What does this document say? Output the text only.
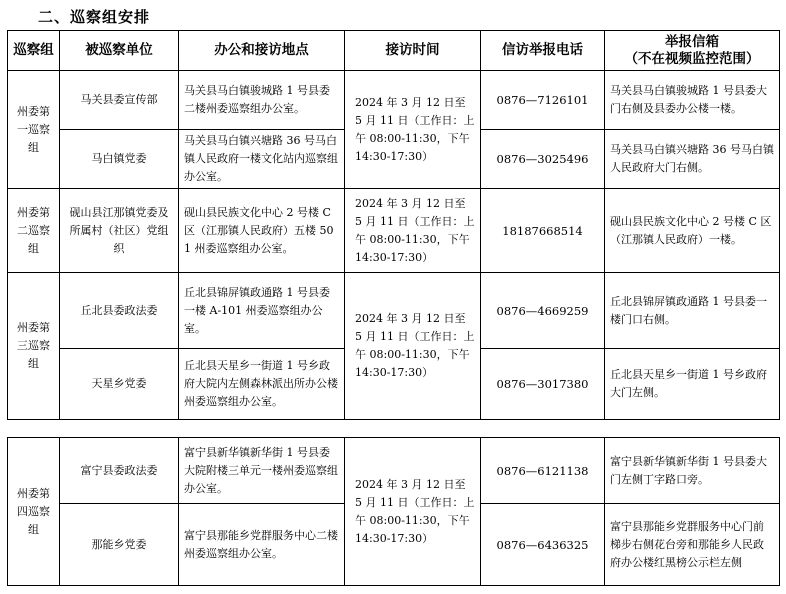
二、巡察组安排
巡察组	被巡察单位	办公和接访地点	接访时间	信访举报电话	举报信箱
（不在视频监控范围）
州委第一巡察组	马关县委宣传部	马关县马白镇骏城路 1 号县委二楼州委巡察组办公室。	2024 年 3 月 12 日至 5 月 11 日（工作日：上午 08:00-11:30，下午 14:30-17:30）	0876—7126101	马关县马白镇骏城路 1 号县委大门右侧及县委办公楼一楼。
	马白镇党委	马关县马白镇兴塘路 36 号马白镇人民政府一楼文化站内巡察组办公室。		0876—3025496	马关县马白镇兴塘路 36 号马白镇人民政府大门右侧。
州委第二巡察组	砚山县江那镇党委及所属村（社区）党组织	砚山县民族文化中心 2 号楼 C 区（江那镇人民政府）五楼 501 州委巡察组办公室。	2024 年 3 月 12 日至 5 月 11 日（工作日：上午 08:00-11:30，下午 14:30-17:30）	18187668514	砚山县民族文化中心 2 号楼 C 区（江那镇人民政府）一楼。
州委第三巡察组	丘北县委政法委	丘北县锦屏镇政通路 1 号县委一楼 A-101 州委巡察组办公室。	2024 年 3 月 12 日至 5 月 11 日（工作日：上午 08:00-11:30，下午 14:30-17:30）	0876—4669259	丘北县锦屏镇政通路 1 号县委一楼门口右侧。
	天星乡党委	丘北县天星乡一街道 1 号乡政府大院内左侧森林派出所办公楼州委巡察组办公室。		0876—3017380	丘北县天星乡一街道 1 号乡政府大门左侧。
州委第四巡察组	富宁县委政法委	富宁县新华镇新华街 1 号县委大院附楼三单元一楼州委巡察组办公室。	2024 年 3 月 12 日至 5 月 11 日（工作日：上午 08:00-11:30，下午 14:30-17:30）	0876—6121138	富宁县新华镇新华街 1 号县委大门左侧丁字路口旁。
	那能乡党委	富宁县那能乡党群服务中心二楼州委巡察组办公室。		0876—6436325	富宁县那能乡党群服务中心门前梯步右侧花台旁和那能乡人民政府办公楼红黑榜公示栏左侧
